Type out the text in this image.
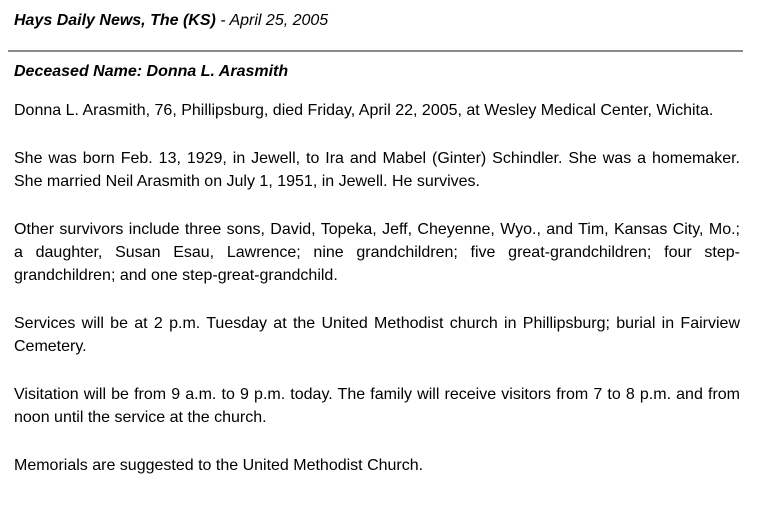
Hays Daily News, The (KS) - April 25, 2005
Deceased Name: Donna L. Arasmith

Donna L. Arasmith, 76, Phillipsburg, died Friday, April 22, 2005, at Wesley Medical Center, Wichita.

She was born Feb. 13, 1929, in Jewell, to Ira and Mabel (Ginter) Schindler. She was a homemaker. She married Neil Arasmith on July 1, 1951, in Jewell. He survives.

Other survivors include three sons, David, Topeka, Jeff, Cheyenne, Wyo., and Tim, Kansas City, Mo.; a daughter, Susan Esau, Lawrence; nine grandchildren; five great-grandchildren; four step-grandchildren; and one step-great-grandchild.

Services will be at 2 p.m. Tuesday at the United Methodist church in Phillipsburg; burial in Fairview Cemetery.

Visitation will be from 9 a.m. to 9 p.m. today. The family will receive visitors from 7 to 8 p.m. and from noon until the service at the church.

Memorials are suggested to the United Methodist Church.
